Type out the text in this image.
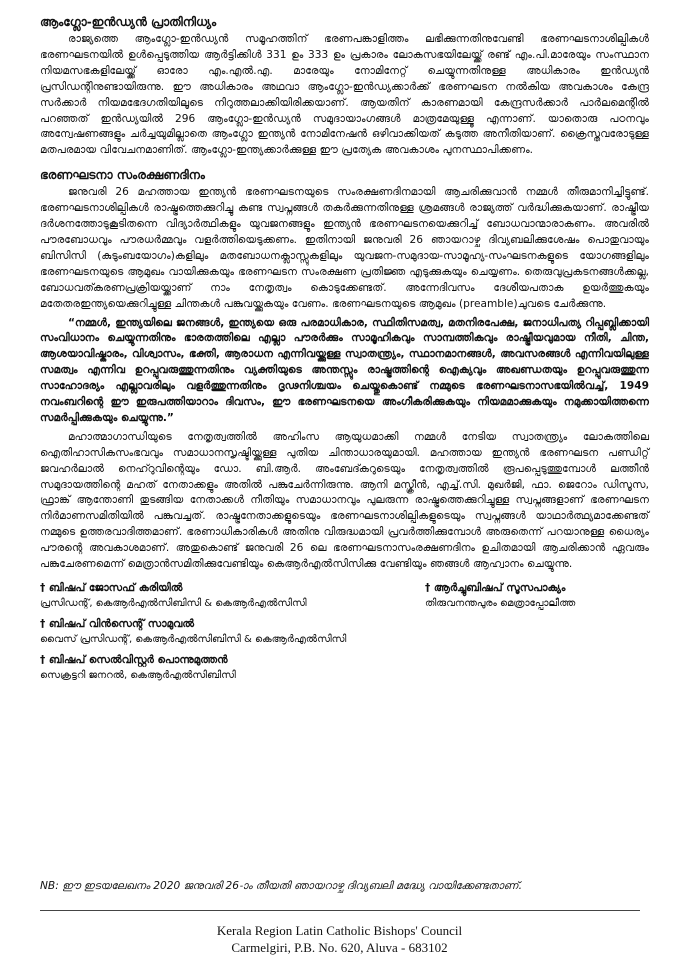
ആംഗ്ലോ-ഇൻഡ്യൻ പ്രാതിനിധ്യം

രാജ്യത്തെ ആംഗ്ലോ-ഇൻഡ്യൻ സമൂഹത്തിന് ഭരണപങ്കാളിത്തം ലഭിക്കുന്നതിനുവേണ്ടി ഭരണഘടനാശില്പികൾ ഭരണഘടനയിൽ ഉൾപ്പെടുത്തിയ ആർട്ടിക്കിൾ 331 ഉം 333 ഉം പ്രകാരം ലോകസഭയിലേയ്ക്ക് രണ്ട് എം.പി.മാരേയും സംസ്ഥാന നിയമസഭകളിലേയ്ക്ക് ഓരോ എം.എൽ.എ. മാരേയും നോമിനേറ്റ് ചെയ്യുന്നതിനുള്ള അധികാരം ഇൻഡ്യൻ പ്രസിഡന്റിനുണ്ടായിരുന്നു. ഈ അധികാരം അഥവാ ആംഗ്ലോ-ഇൻഡ്യക്കാർക്ക് ഭരണഘടന നൽകിയ അവകാശം കേന്ദ്ര സർക്കാർ നിയമഭേദഗതിയിലൂടെ നിറുത്തലാക്കിയിരിക്കയാണ്. ആയതിന് കാരണമായി കേന്ദ്രസർക്കാർ പാർലമെന്റിൽ പറഞ്ഞത് ഇൻഡ്യയിൽ 296 ആംഗ്ലോ-ഇൻഡ്യൻ സമുദായാംഗങ്ങൾ മാത്രമേയുള്ളൂ എന്നാണ്. യാതൊരു പഠനവും അന്വേഷണങ്ങളും ചർച്ചയുമില്ലാതെ ആംഗ്ലോ ഇന്ത്യൻ നോമിനേഷൻ ഒഴിവാക്കിയത് കടുത്ത അനീതിയാണ്. ക്രൈസ്തവരോടുള്ള മതപരമായ വിവേചനമാണിത്. ആംഗ്ലോ-ഇന്ത്യക്കാർക്കുള്ള ഈ പ്രത്യേക അവകാശം പുനസ്ഥാപിക്കണം.

ഭരണഘടനാ സംരക്ഷണദിനം

ജനുവരി 26 മഹത്തായ ഇന്ത്യൻ ഭരണഘടനയുടെ സംരക്ഷണദിനമായി ആചരിക്കുവാൻ നമ്മൾ തീരുമാനിച്ചിട്ടുണ്ട്. ഭരണഘടനാശില്പികൾ രാഷ്ട്രത്തെക്കുറിച്ചു കണ്ട സ്വപ്നങ്ങൾ തകർക്കുന്നതിനുള്ള ശ്രമങ്ങൾ രാജ്യത്ത് വർദ്ധിക്കുകയാണ്. രാഷ്ട്രീയ ദർശനത്തോടുകൂടിതന്നെ വിദ്യാർത്ഥികളും യുവജനങ്ങളും ഇന്ത്യൻ ഭരണഘടനയെക്കുറിച്ച് ബോധവാന്മാരാകണം. അവരിൽ പൗരബോധവും പൗരധർമ്മവും വളർത്തിയെടുക്കണം. ഇതിനായി ജനുവരി 26 ഞായറാഴ്ച ദിവ്യബലിക്കുശേഷം പൊതുവായും ബിസിസി (കുടുംബയോഗം)കളിലും മതബോധനക്ലാസ്സുകളിലും യുവജന-സമുദായ-സാമൂഹ്യ-സംഘടനകളുടെ യോഗങ്ങളിലും ഭരണഘടനയുടെ ആമുഖം വായിക്കുകയും ഭരണഘടന സംരക്ഷണ പ്രതിജ്ഞ എടുക്കുകയും ചെയ്യണം. തെരുവുപ്രകടനങ്ങൾക്കല്ല, ബോധവത്കരണപ്രക്രിയയ്ക്കാണ് നാം നേതൃത്വം കൊടുക്കേണ്ടത്. അന്നേദിവസം ദേശീയപതാക ഉയർത്തുകയും മതേതരഇന്ത്യയെക്കുറിച്ചുള്ള ചിന്തകൾ പങ്കുവയ്ക്കുകയും വേണം. ഭരണഘടനയുടെ ആമുഖം (preamble)ചുവടെ ചേർക്കുന്നു.

“നമ്മൾ, ഇന്ത്യയിലെ ജനങ്ങൾ, ഇന്ത്യയെ ഒരു പരമാധികാര, സ്ഥിതിസമത്വ, മതനിരപേക്ഷ, ജനാധിപത്യ റിപ്പബ്ലിക്കായി സംവിധാനം ചെയ്യുന്നതിനും ഭാരതത്തിലെ എല്ലാ പൗരർക്കും സാമൂഹികവും സാമ്പത്തികവും രാഷ്ട്രീയവുമായ നീതി, ചിന്ത, ആശയാവിഷ്കാരം, വിശ്വാസം, ഭക്തി, ആരാധന എന്നിവയ്ക്കുള്ള സ്വാതന്ത്ര്യം, സ്ഥാനമാനങ്ങൾ, അവസരങ്ങൾ എന്നിവയിലുള്ള സമത്വം എന്നിവ ഉറപ്പുവരുത്തുന്നതിനും വ്യക്തിയുടെ അന്തസ്സും രാഷ്ട്രത്തിന്റെ ഐക്യവും അഖണ്ഡതയും ഉറപ്പുവരുത്തുന്ന സാഹോദര്യം എല്ലാവരിലും വളർത്തുന്നതിനും ദൃഢനിശ്ചയം ചെയ്തുകൊണ്ട് നമ്മുടെ ഭരണഘടനാസഭയിൽവച്ച്, 1949 നവംബറിന്റെ ഈ ഇരുപത്തിയാറാം ദിവസം, ഈ ഭരണഘടനയെ അംഗീകരിക്കുകയും നിയമമാക്കുകയും നമുക്കായിത്തന്നെ സമർപ്പിക്കുകയും ചെയ്യുന്നു.”

മഹാത്മാഗാന്ധിയുടെ നേതൃത്വത്തിൽ അഹിംസ ആയുധമാക്കി നമ്മൾ നേടിയ സ്വാതന്ത്ര്യം ലോകത്തിലെ ഐതിഹാസികസംഭവവും സമാധാനസൃഷ്ടിയ്ക്കുള്ള പുതിയ ചിന്താധാരയുമായി. മഹത്തായ ഇന്ത്യൻ ഭരണഘടന പണ്ഡിറ്റ് ജവഹർലാൽ നെഹ്റുവിന്റെയും ഡോ. ബി.ആർ. അംബേദ്കറുടെയും നേതൃത്വത്തിൽ രൂപപ്പെടുത്തുമ്പോൾ ലത്തീൻ സമുദായത്തിന്റെ മഹത് നേതാക്കളും അതിൽ പങ്കുചേർന്നിരുന്നു. ആനി മസ്ക്രീൻ, എച്ച്.സി. മുഖർജി, ഫാ. ജെറോം ഡിസൂസ, ഫ്രാങ്ക് ആന്തോണി തുടങ്ങിയ നേതാക്കൾ നീതിയും സമാധാനവും പുലരുന്ന രാഷ്ട്രത്തെക്കുറിച്ചുള്ള സ്വപ്നങ്ങളാണ് ഭരണഘടന നിർമാണസമിതിയിൽ പങ്കുവച്ചത്. രാഷ്ട്രനേതാക്കളുടെയും ഭരണഘടനാശില്പികളുടെയും സ്വപ്നങ്ങൾ യാഥാർത്ഥ്യമാക്കേണ്ടത് നമ്മുടെ ഉത്തരവാദിത്തമാണ്. ഭരണാധികാരികൾ അതിനു വിരുദ്ധമായി പ്രവർത്തിക്കുമ്പോൾ അരുതെന്ന് പറയാനുള്ള ധൈര്യം പൗരന്റെ അവകാശമാണ്. അതുകൊണ്ട് ജനുവരി 26 ലെ ഭരണഘടനാസംരക്ഷണദിനം ഉചിതമായി ആചരിക്കാൻ ഏവരും പങ്കുചേരണമെന്ന് മെത്രാൻസമിതിക്കുവേണ്ടിയും കെആർഎൽസിസിക്കു വേണ്ടിയും ഞങ്ങൾ ആഹ്വാനം ചെയ്യുന്നു.

† ബിഷപ് ജോസഫ് കരിയിൽ
പ്രസിഡന്റ്, കെആർഎൽസിബിസി & കെആർഎൽസിസി
† ആർച്ചുബിഷപ് സൂസപാക്യം
തിരുവനന്തപുരം മെത്രാപ്പോലീത്ത
† ബിഷപ് വിൻസെന്റ് സാമുവൽ
വൈസ് പ്രസിഡന്റ്, കെആർഎൽസിബിസി & കെആർഎൽസിസി
† ബിഷപ് സെൽവിസ്റ്റർ പൊന്നുമുത്തൻ
സെക്രട്ടറി ജനറൽ, കെആർഎൽസിബിസി
NB: ഈ ഇടയലേഖനം 2020 ജനുവരി 26-ാം തീയതി ഞായറാഴ്ച ദിവ്യബലി മദ്ധ്യേ വായിക്കേണ്ടതാണ്.
Kerala Region Latin Catholic Bishops' Council
Carmelgiri, P.B. No. 620, Aluva - 683102
